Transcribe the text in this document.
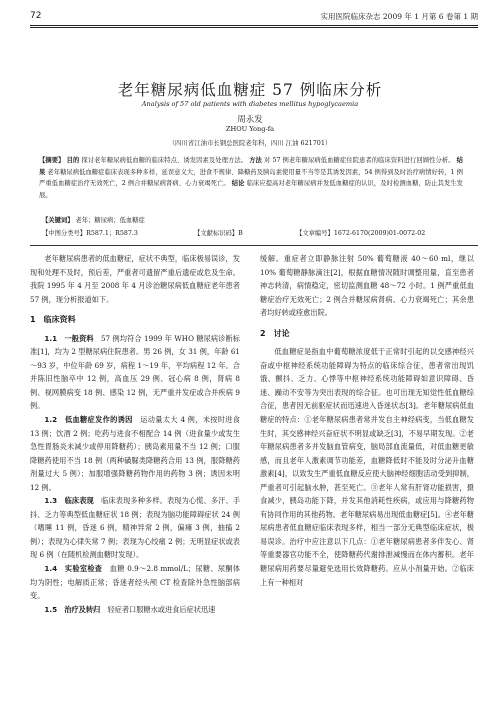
72	实用医院临床杂志 2009 年 1 月第 6 卷第 1 期
老年糖尿病低血糖症 57 例临床分析
Analysis of 57 old patients with diabetes mellitus hypoglycaemia
周永发
ZHOU Yong-fa
（四川省江油市长钢总医院老年科，四川 江油 621701）
【摘要】 目的 探讨老年糖尿病低血糖的临床特点、诱发因素及处理方法。 方法 对 57 例老年糖尿病低血糖症住院患者的临床资料进行回顾性分析。 结果 老年糖尿病低血糖症临床表现多种多样，延误意义大，进食不规律、降糖药及胰岛素使用量不当等是其诱发因素，54 例得到及时治疗病情好转，1 例严重低血糖症治疗无效死亡，2 例合并糖尿病肾病、心力衰竭死亡。 结论 临床应提高对老年糖尿病并发低血糖症的认识，及时检测血糖，防止其发生发展。
【关键词】 老年；糖尿病；低血糖症
【中图分类号】R587.1；R587.3	【文献标识码】B	【文章编号】1672-6170(2009)01-0072-02

老年糖尿病患者的低血糖症，症状不典型，临床极易误诊，发现和处理不及时，预后差，严重者可遗留严重后遗症或危及生命。我院 1995 年 4 月至 2008 年 4 月诊治糖尿病低血糖症老年患者 57 例，现分析报道如下。

1　临床资料

1.1　一般资料　57 例均符合 1999 年 WHO 糖尿病诊断标准[1]，均为 2 型糖尿病住院患者。男 26 例，女 31 例，年龄 61～93 岁，中位年龄 69 岁，病程 1～19 年，平均病程 12 年。合并陈旧性脑卒中 12 例，高血压 29 例、冠心病 8 例，肾病 8 例、视网膜病变 18 例、感染 12 例，无严重并发症或合并疾病 9 例。

1.2　低血糖症发作的诱因　运动量太大 4 例，未按时进食 13 例；饮酒 2 例；吃药与进食不相配合 14 例（进食量少或发生急性胃肠炎未减少或停用降糖药）；胰岛素用量不当 12 例；口服降糖药使用不当 18 例（两种磺脲类降糖药合用 13 例，服降糖药剂量过大 5 例）；加服增强降糖药物作用的药物 3 例；诱因未明 12 例。

1.3　临床表现　临床表现多种多样。表现为心慌、多汗、手抖、乏力等典型低血糖症状 18 例；表现为脑功能障碍症状 24 例（嗜睡 11 例，昏迷 6 例，精神异常 2 例，偏瘫 3 例，抽搐 2 例）；表现为心律失常 7 例；表现为心绞痛 2 例；无明显症状或表现 6 例（在随机检测血糖时发现）。

1.4　实验室检查　血糖 0.9～2.8 mmol/L；尿糖、尿酮体均为阴性；电解质正常；昏迷者经头颅 CT 检查除外急性脑部病变。

1.5　治疗及转归　轻症者口服糖水或进食后症状迅速

缓解。重症者立即静脉注射 50% 葡萄糖液 40～60 ml，继以 10% 葡萄糖静脉滴注[2]，根据血糖情况随时调整用量，直至患者神志转清，病情稳定，密切监测血糖 48～72 小时。1 例严重低血糖症治疗无效死亡；2 例合并糖尿病肾病、心力衰竭死亡；其余患者均好转或痊愈出院。

2　讨论

低血糖症是指血中葡萄糖浓度低于正常时引起的以交感神经兴奋或中枢神经系统功能障碍为特点的临床综合征，患者常出现饥饿、颤抖、乏力、心悸等中枢神经系统功能障碍如意识障碍、昏迷、躁动不安等为突出表现的综合征。也可出现无知觉性低血糖综合征，患者因无前驱症状而迅速进入昏迷状态[3]。老年糖尿病低血糖症的特点：①老年糖尿病患者常并发自主神经病变，当低血糖发生时，其交感神经兴奋症状不明显或缺乏[3]，不易早期发现。②老年糖尿病患者多并发脑血管病变，脑局部血流量低，对低血糖更敏感，而且老年人激素调节功能差，血糖降低时不能及时分泌升血糖激素[4]，以致发生严重低血糖反应使大脑神经细胞活动受到抑制，严重者可引起脑水肿，甚至死亡。③老年人常有肝肾功能损害，摄食减少，胰岛功能下降，并发其他消耗性疾病，或应用与降糖药物有协同作用的其他药物。老年糖尿病易出现低血糖症[5]。④老年糖尿病患者低血糖症临床表现多样，相当一部分无典型临床症状，极易误诊。治疗中应注意以下几点：①老年糖尿病患者多伴发心、肾等重要器官功能不全，使降糖药代谢排泄减慢而在体内蓄积。老年糖尿病用药要尽量避免选用长效降糖药。应从小剂量开始。②临床上有一种相对
